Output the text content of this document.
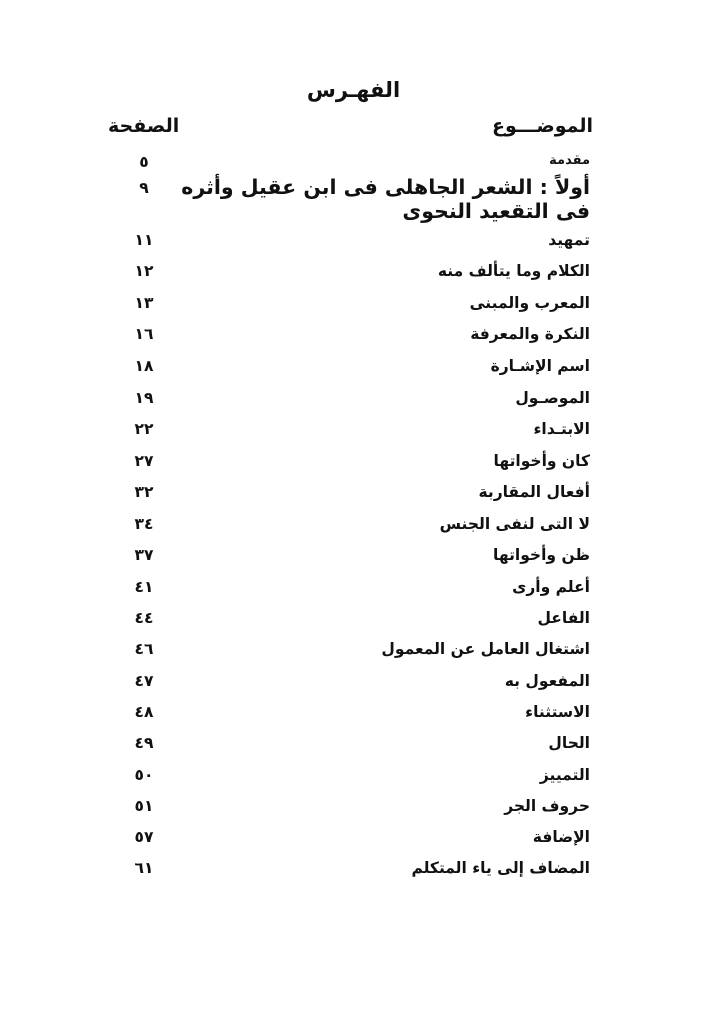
الفهـرس
الموضـــوع
الصفحة
مقدمة
٥
أولاً : الشعر الجاهلى فى ابن عقيل وأثره فى التقعيد النحوى
٩
تمهيد
١١
الكلام وما يتألف منه
١٢
المعرب والمبنى
١٣
النكرة والمعرفة
١٦
اسم الإشـارة
١٨
الموصـول
١٩
الابتـداء
٢٢
كان وأخواتها
٢٧
أفعال المقاربة
٣٢
لا التى لنفى الجنس
٣٤
ظن وأخواتها
٣٧
أعلم وأرى
٤١
الفاعل
٤٤
اشتغال العامل عن المعمول
٤٦
المفعول به
٤٧
الاستثناء
٤٨
الحال
٤٩
التمييز
٥٠
حروف الجر
٥١
الإضافة
٥٧
المضاف إلى ياء المتكلم
٦١
